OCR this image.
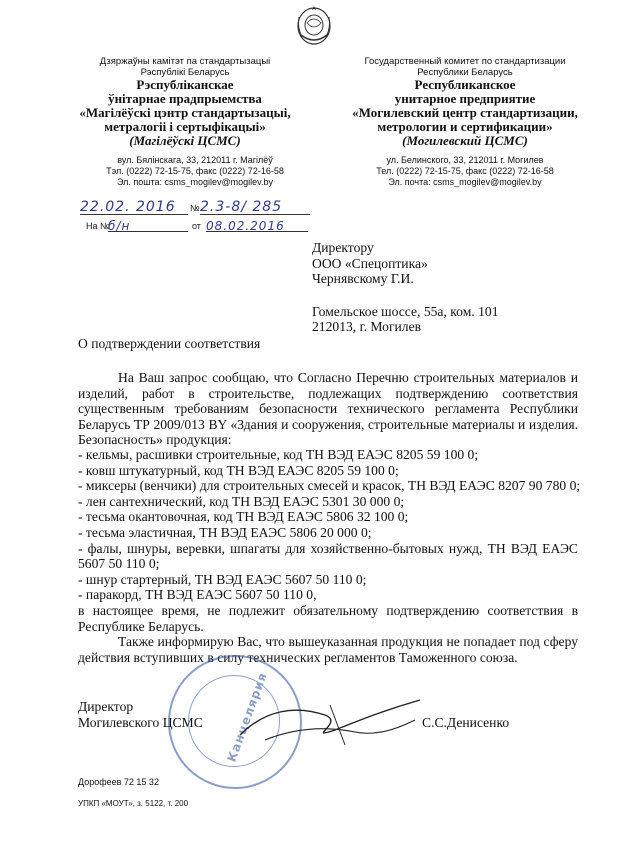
Дзяржаўны камітэт па стандартызацыі
Рэспублікі Беларусь
Рэспубліканскае
ўнітарнае прадпрыемства
«Магілёўскі цэнтр стандартызацыі,
метралогіі і сертыфікацыі»
(Магілёўскі ЦСМС)
вул. Бялінскага, 33, 212011 г. Магілёў
Тэл. (0222) 72-15-75, факс (0222) 72-16-58
Эл. пошта: csms_mogilev@mogilev.by
Государственный комитет по стандартизации
Республики Беларусь
Республиканское
унитарное предприятие
«Могилевский центр стандартизации,
метрологии и сертификации»
(Могилевский ЦСМС)
ул. Белинского, 33, 212011 г. Могилев
Тел. (0222) 72-15-75, факс (0222) 72-16-58
Эл. почта: csms_mogilev@mogilev.by
22.02. 2016	№ 2.3-8/ 285
На №
б/н	от 08.02.2016
Директору
ООО «Спецоптика»
Чернявскому Г.И.
Гомельское шоссе, 55а, ком. 101
212013, г. Могилев
О подтверждении соответствия
На Ваш запрос сообщаю, что Согласно Перечню строительных материалов и изделий, работ в строительстве, подлежащих подтверждению соответствия существенным требованиям безопасности технического регламента Республики Беларусь ТР 2009/013 BY «Здания и сооружения, строительные материалы и изделия. Безопасность» продукция:
- кельмы, расшивки строительные, код ТН ВЭД ЕАЭС 8205 59 100 0;
- ковш штукатурный, код ТН ВЭД ЕАЭС 8205 59 100 0;
- миксеры (венчики) для строительных смесей и красок, ТН ВЭД ЕАЭС 8207 90 780 0;
- лен сантехнический, код ТН ВЭД ЕАЭС 5301 30 000 0;
- тесьма окантовочная, код ТН ВЭД ЕАЭС 5806 32 100 0;
- тесьма эластичная, ТН ВЭД ЕАЭС 5806 20 000 0;
- фалы, шнуры, веревки, шпагаты для хозяйственно-бытовых нужд, ТН ВЭД ЕАЭС 5607 50 110 0;
- шнур стартерный, ТН ВЭД ЕАЭС 5607 50 110 0;
- паракорд, ТН ВЭД ЕАЭС 5607 50 110 0,
в настоящее время, не подлежит обязательному подтверждению соответствия в Республике Беларусь.
Также информирую Вас, что вышеуказанная продукция не попадает под сферу действия вступивших в силу технических регламентов Таможенного союза.
Канцелярия
Директор
Могилевского ЦСМС	С.С.Денисенко
Дорофеев 72 15 32
УПКП «МОУТ», з. 5122, т. 200
